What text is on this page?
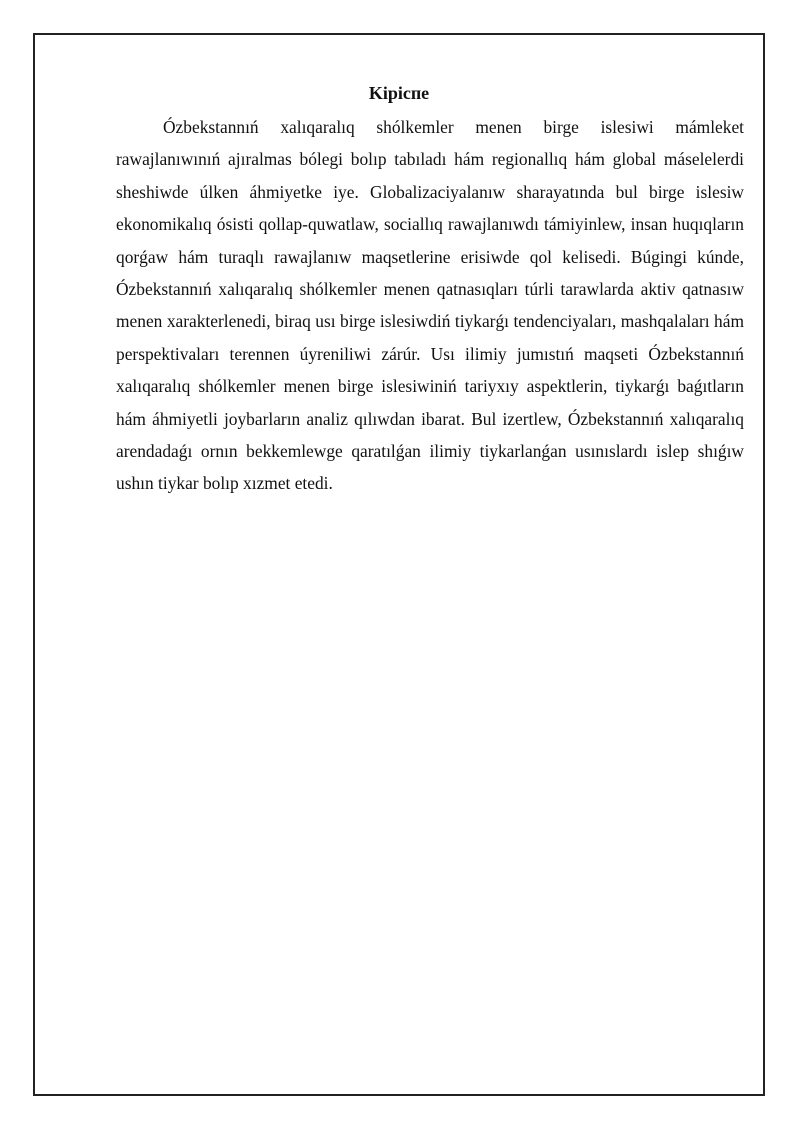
Kipicпе

Ózbekstannıń xalıqaralıq shólkemler menen birge islesiwi mámleket rawajlanıwınıń ajıralmas bólegi bolıp tabıladı hám regionallıq hám global máselelerdi sheshiwde úlken áhmiyetke iye. Globalizaciyalanıw sharayatında bul birge islesiw ekonomikalıq ósisti qollap-quwatlaw, sociallıq rawajlanıwdı támiyinlew, insan huqıqların qorǵaw hám turaqlı rawajlanıw maqsetlerine erisiwde qol kelisedi. Búgingi kúnde, Ózbekstannıń xalıqaralıq shólkemler menen qatnasıqları túrli tarawlarda aktiv qatnasıw menen xarakterlenedi, biraq usı birge islesiwdiń tiykarǵı tendenciyaları, mashqalaları hám perspektivaları terennen úyreniliwi zárúr. Usı ilimiy jumıstıń maqseti Ózbekstannıń xalıqaralıq shólkemler menen birge islesiwiniń tariyxıy aspektlerin, tiykarǵı baǵıtların hám áhmiyetli joybarların analiz qılıwdan ibarat. Bul izertlew, Ózbekstannıń xalıqaralıq arendadaǵı ornın bekkemlewge qaratılǵan ilimiy tiykarlanǵan usınıslardı islep shıǵıw ushın tiykar bolıp xızmet etedi.
